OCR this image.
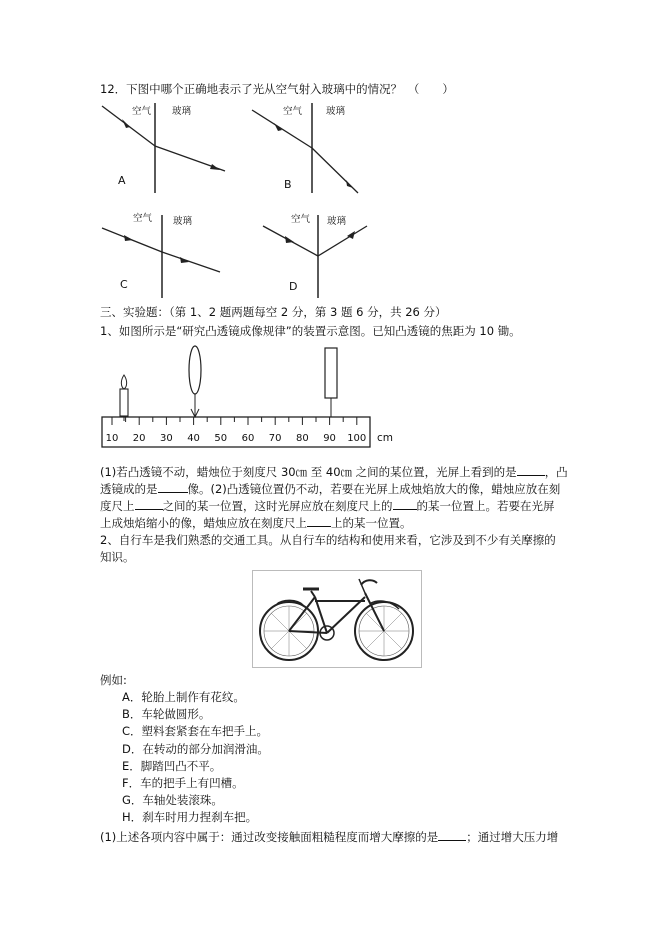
12．下图中哪个正确地表示了光从空气射入玻璃中的情况？　（　　）
空气 玻璃
A
空气	玻璃
B
空气 玻璃
C
空气 玻璃
D
三、实验题：（第 1、2 题两题每空 2 分，第 3 题 6 分，共 26 分）
1、如图所示是“研究凸透镜成像规律”的装置示意图。已知凸透镜的焦距为 10 锄。
10 20 30 40 50 60 70 80 90 100 cm
(1)若凸透镜不动，蜡烛位于刻度尺 30㎝ 至 40㎝ 之间的某位置，光屏上看到的是 ，凸
透镜成的是	像。(2)凸透镜位置仍不动，若要在光屏上成烛焰放大的像，蜡烛应放在刻
度尺上 之间的某一位置，这时光屏应放在刻度尺上的 的某一位置上。若要在光屏
上成烛焰缩小的像，蜡烛应放在刻度尺上 上的某一位置。
2、自行车是我们熟悉的交通工具。从自行车的结构和使用来看，它涉及到不少有关摩擦的
知识。
例如:
A．轮胎上制作有花纹。
B．车轮做圆形。
C．塑料套紧套在车把手上。
D．在转动的部分加润滑油。
E．脚踏凹凸不平。
F．车的把手上有凹槽。
G．车轴处装滚珠。
H．刹车时用力捏刹车把。
(1)上述各项内容中属于：通过改变接触面粗糙程度而增大摩擦的是 ；通过增大压力增
